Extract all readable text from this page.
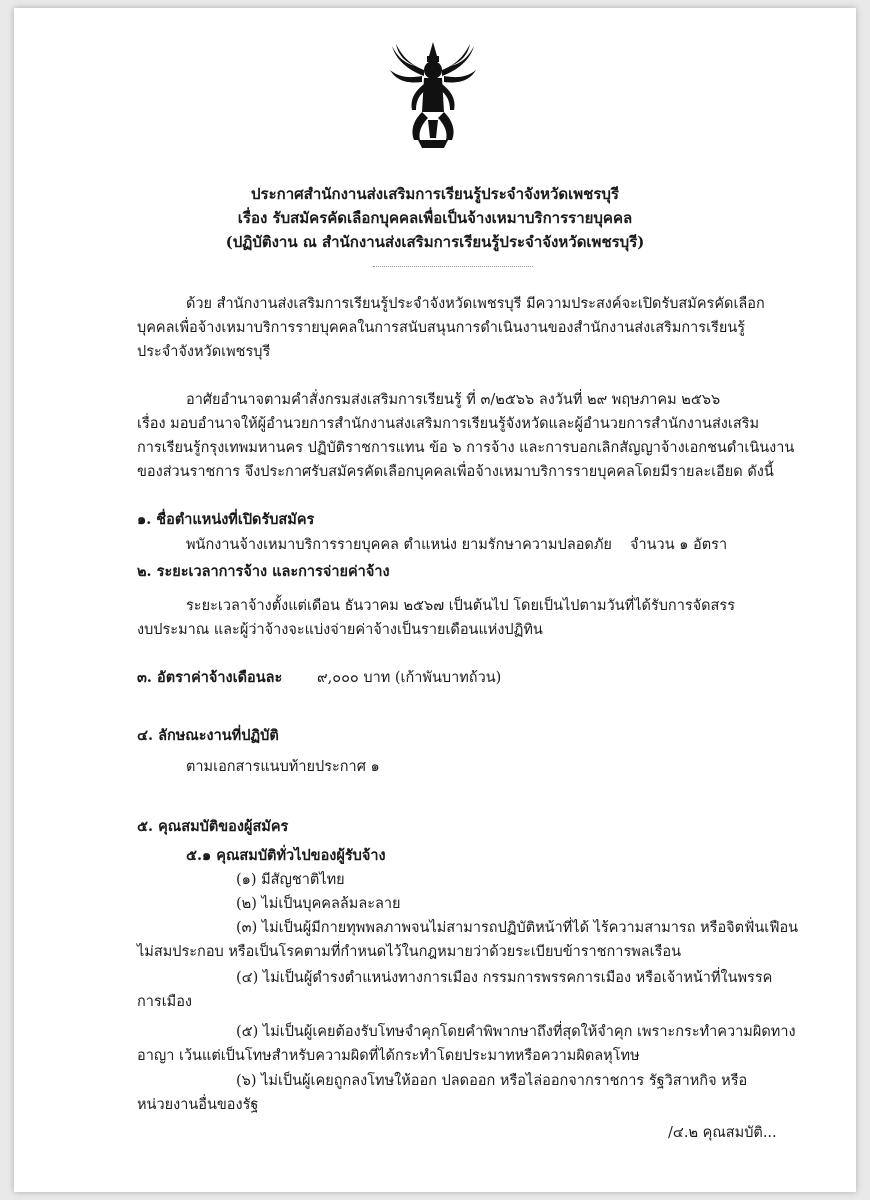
ประกาศสำนักงานส่งเสริมการเรียนรู้ประจำจังหวัดเพชรบุรี
เรื่อง รับสมัครคัดเลือกบุคคลเพื่อเป็นจ้างเหมาบริการรายบุคคล
(ปฏิบัติงาน ณ สำนักงานส่งเสริมการเรียนรู้ประจำจังหวัดเพชรบุรี)
ด้วย สำนักงานส่งเสริมการเรียนรู้ประจำจังหวัดเพชรบุรี มีความประสงค์จะเปิดรับสมัครคัดเลือก
บุคคลเพื่อจ้างเหมาบริการรายบุคคลในการสนับสนุนการดำเนินงานของสำนักงานส่งเสริมการเรียนรู้
ประจำจังหวัดเพชรบุรี
อาศัยอำนาจตามคำสั่งกรมส่งเสริมการเรียนรู้ ที่ ๓/๒๕๖๖ ลงวันที่ ๒๙ พฤษภาคม ๒๕๖๖
เรื่อง มอบอำนาจให้ผู้อำนวยการสำนักงานส่งเสริมการเรียนรู้จังหวัดและผู้อำนวยการสำนักงานส่งเสริม
การเรียนรู้กรุงเทพมหานคร ปฏิบัติราชการแทน ข้อ ๖ การจ้าง และการบอกเลิกสัญญาจ้างเอกชนดำเนินงาน
ของส่วนราชการ จึงประกาศรับสมัครคัดเลือกบุคคลเพื่อจ้างเหมาบริการรายบุคคลโดยมีรายละเอียด ดังนี้
๑. ชื่อตำแหน่งที่เปิดรับสมัคร
พนักงานจ้างเหมาบริการรายบุคคล ตำแหน่ง ยามรักษาความปลอดภัย จำนวน ๑ อัตรา
๒. ระยะเวลาการจ้าง และการจ่ายค่าจ้าง
ระยะเวลาจ้างตั้งแต่เดือน ธันวาคม ๒๕๖๗ เป็นต้นไป โดยเป็นไปตามวันที่ได้รับการจัดสรร
งบประมาณ และผู้ว่าจ้างจะแบ่งจ่ายค่าจ้างเป็นรายเดือนแห่งปฏิทิน
๓. อัตราค่าจ้างเดือนละ ๙,๐๐๐ บาท (เก้าพันบาทถ้วน)
๔. ลักษณะงานที่ปฏิบัติ
ตามเอกสารแนบท้ายประกาศ ๑
๕. คุณสมบัติของผู้สมัคร
๕.๑ คุณสมบัติทั่วไปของผู้รับจ้าง
(๑) มีสัญชาติไทย
(๒) ไม่เป็นบุคคลล้มละลาย
(๓) ไม่เป็นผู้มีกายทุพพลภาพจนไม่สามารถปฏิบัติหน้าที่ได้ ไร้ความสามารถ หรือจิตฟั่นเฟือน
ไม่สมประกอบ หรือเป็นโรคตามที่กำหนดไว้ในกฎหมายว่าด้วยระเบียบข้าราชการพลเรือน
(๔) ไม่เป็นผู้ดำรงตำแหน่งทางการเมือง กรรมการพรรคการเมือง หรือเจ้าหน้าที่ในพรรค
การเมือง
(๕) ไม่เป็นผู้เคยต้องรับโทษจำคุกโดยคำพิพากษาถึงที่สุดให้จำคุก เพราะกระทำความผิดทาง
อาญา เว้นแต่เป็นโทษสำหรับความผิดที่ได้กระทำโดยประมาทหรือความผิดลหุโทษ
(๖) ไม่เป็นผู้เคยถูกลงโทษให้ออก ปลดออก หรือไล่ออกจากราชการ รัฐวิสาหกิจ หรือ
หน่วยงานอื่นของรัฐ
/๔.๒ คุณสมบัติ...
